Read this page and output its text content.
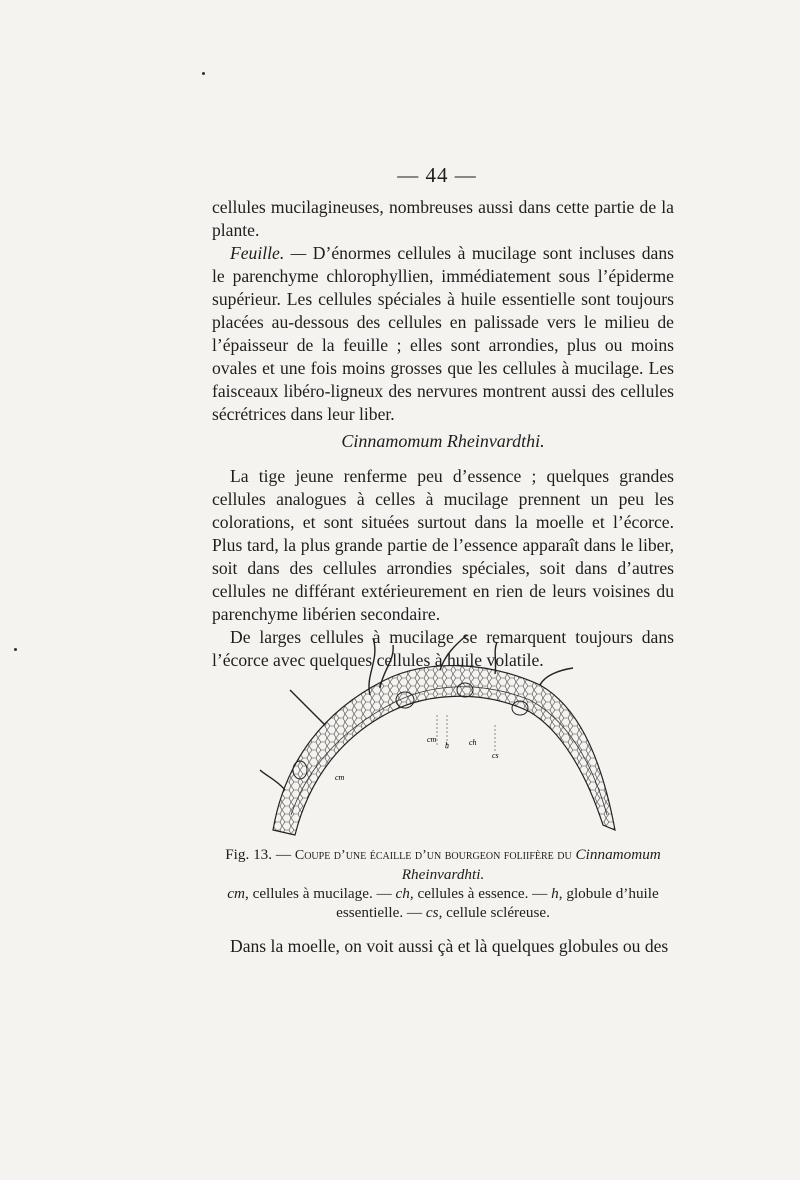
— 44 —

cellules mucilagineuses, nombreuses aussi dans cette partie de la plante.

Feuille. — D’énormes cellules à mucilage sont incluses dans le parenchyme chlorophyllien, immédiatement sous l’épiderme supérieur. Les cellules spéciales à huile essentielle sont toujours placées au-dessous des cellules en palissade vers le milieu de l’épaisseur de la feuille ; elles sont arrondies, plus ou moins ovales et une fois moins grosses que les cellules à mucilage. Les faisceaux libéro-ligneux des nervures montrent aussi des cellules sécrétrices dans leur liber.

Cinnamomum Rheinvardthi.

La tige jeune renferme peu d’essence ; quelques grandes cellules analogues à celles à mucilage prennent un peu les colorations, et sont situées surtout dans la moelle et l’écorce. Plus tard, la plus grande partie de l’essence apparaît dans le liber, soit dans des cellules arrondies spéciales, soit dans d’autres cellules ne différant extérieurement en rien de leurs voisines du parenchyme libérien secondaire.

De larges cellules à mucilage se remarquent toujours dans l’écorce avec quelques cellules à huile volatile.

cm
h	ch
cs
cm

Fig. 13. — Coupe d’une écaille d’un bourgeon foliifère du Cinnamomum Rheinvardhti.

cm, cellules à mucilage. — ch, cellules à essence. — h, globule d’huile essentielle. — cs, cellule scléreuse.

Dans la moelle, on voit aussi çà et là quelques globules ou des
